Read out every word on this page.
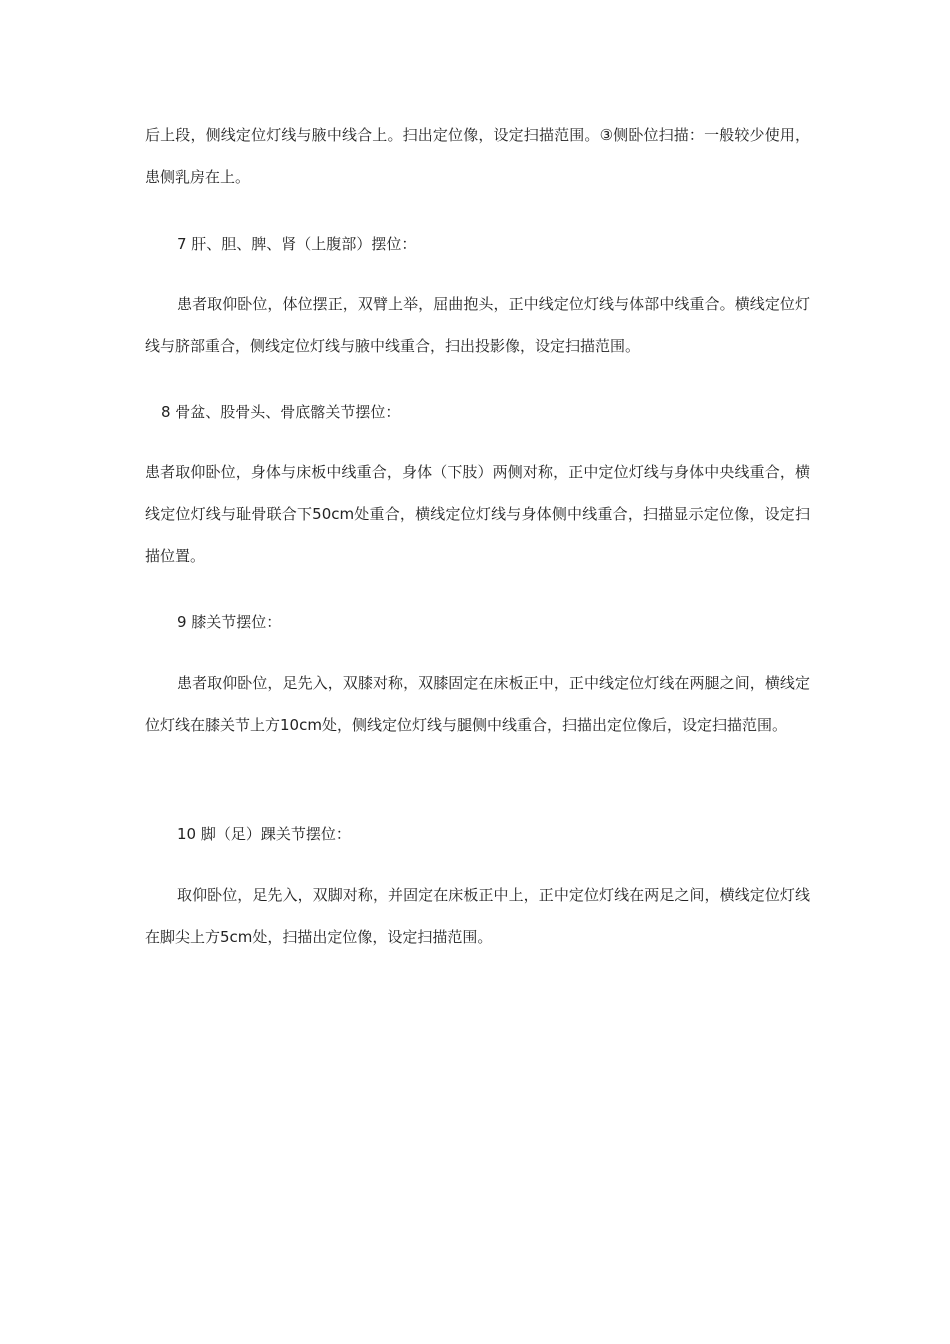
后上段，侧线定位灯线与腋中线合上。扫出定位像，设定扫描范围。③侧卧位扫描：一般较少使用，患侧乳房在上。

7 肝、胆、脾、肾（上腹部）摆位：

患者取仰卧位，体位摆正，双臂上举，屈曲抱头，正中线定位灯线与体部中线重合。横线定位灯线与脐部重合，侧线定位灯线与腋中线重合，扫出投影像，设定扫描范围。

8 骨盆、股骨头、骨底髂关节摆位：

患者取仰卧位，身体与床板中线重合，身体（下肢）两侧对称，正中定位灯线与身体中央线重合，横线定位灯线与耻骨联合下50cm处重合，横线定位灯线与身体侧中线重合，扫描显示定位像，设定扫描位置。

9 膝关节摆位：

患者取仰卧位，足先入，双膝对称，双膝固定在床板正中，正中线定位灯线在两腿之间，横线定位灯线在膝关节上方10cm处，侧线定位灯线与腿侧中线重合，扫描出定位像后，设定扫描范围。

10 脚（足）踝关节摆位：

取仰卧位，足先入，双脚对称，并固定在床板正中上，正中定位灯线在两足之间，横线定位灯线在脚尖上方5cm处，扫描出定位像，设定扫描范围。
